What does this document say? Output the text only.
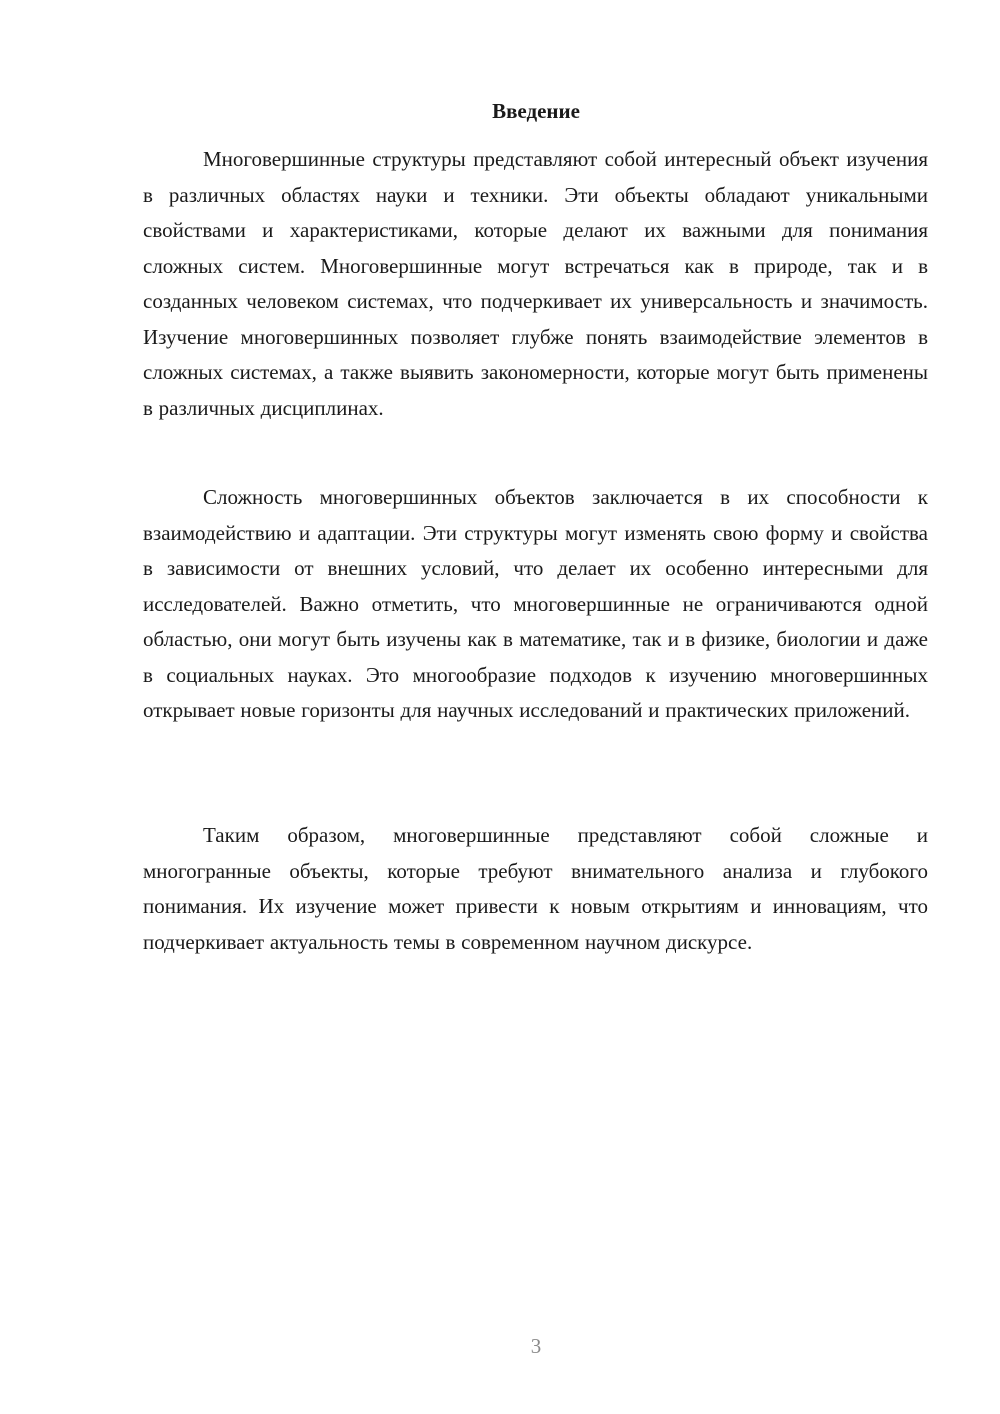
Введение

Многовершинные структуры представляют собой интересный объект изучения в различных областях науки и техники. Эти объекты обладают уникальными свойствами и характеристиками, которые делают их важными для понимания сложных систем. Многовершинные могут встречаться как в природе, так и в созданных человеком системах, что подчеркивает их универсальность и значимость. Изучение многовершинных позволяет глубже понять взаимодействие элементов в сложных системах, а также выявить закономерности, которые могут быть применены в различных дисциплинах.

Сложность многовершинных объектов заключается в их способности к взаимодействию и адаптации. Эти структуры могут изменять свою форму и свойства в зависимости от внешних условий, что делает их особенно интересными для исследователей. Важно отметить, что многовершинные не ограничиваются одной областью, они могут быть изучены как в математике, так и в физике, биологии и даже в социальных науках. Это многообразие подходов к изучению многовершинных открывает новые горизонты для научных исследований и практических приложений.

Таким образом, многовершинные представляют собой сложные и многогранные объекты, которые требуют внимательного анализа и глубокого понимания. Их изучение может привести к новым открытиям и инновациям, что подчеркивает актуальность темы в современном научном дискурсе.

3
